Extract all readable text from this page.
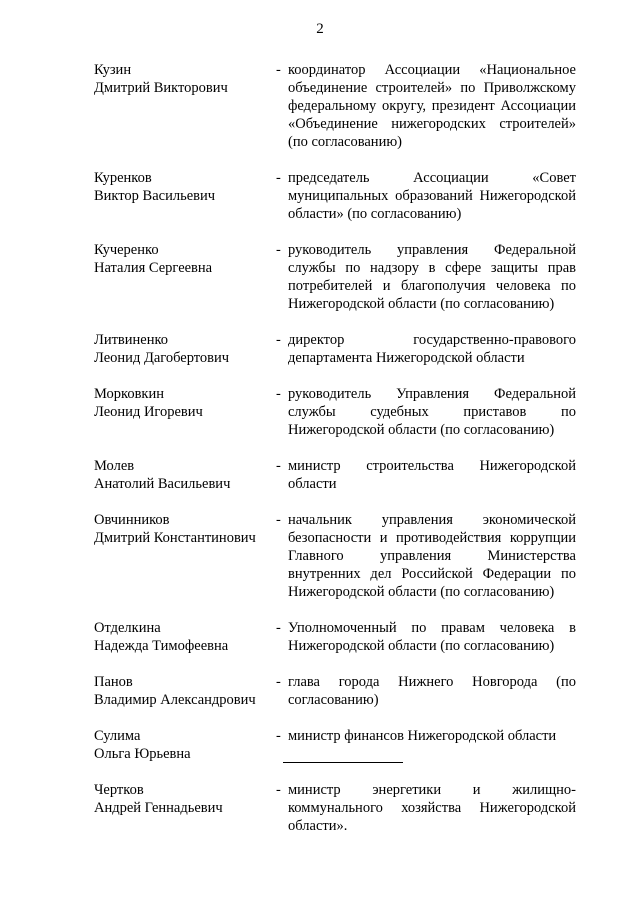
2
Кузин
Дмитрий Викторович
- координатор Ассоциации «Национальное объединение строителей» по Приволжскому федеральному округу, президент Ассоциации «Объединение нижегородских строителей» (по согласованию)
Куренков
Виктор Васильевич
- председатель Ассоциации «Совет муниципальных образований Нижегородской области» (по согласованию)
Кучеренко
Наталия Сергеевна
- руководитель управления Федеральной службы по надзору в сфере защиты прав потребителей и благополучия человека по Нижегородской области (по согласованию)
Литвиненко
Леонид Дагобертович
- директор государственно-правового департамента Нижегородской области
Морковкин
Леонид Игоревич
- руководитель Управления Федеральной службы судебных приставов по Нижегородской области (по согласованию)
Молев
Анатолий Васильевич
- министр строительства Нижегородской области
Овчинников
Дмитрий Константинович
- начальник управления экономической безопасности и противодействия коррупции Главного управления Министерства внутренних дел Российской Федерации по Нижегородской области (по согласованию)
Отделкина
Надежда Тимофеевна
- Уполномоченный по правам человека в Нижегородской области (по согласованию)
Панов
Владимир Александрович
- глава города Нижнего Новгорода (по согласованию)
Сулима
Ольга Юрьевна
- министр финансов Нижегородской области
Чертков
Андрей Геннадьевич
- министр энергетики и жилищно-коммунального хозяйства Нижегородской области».
